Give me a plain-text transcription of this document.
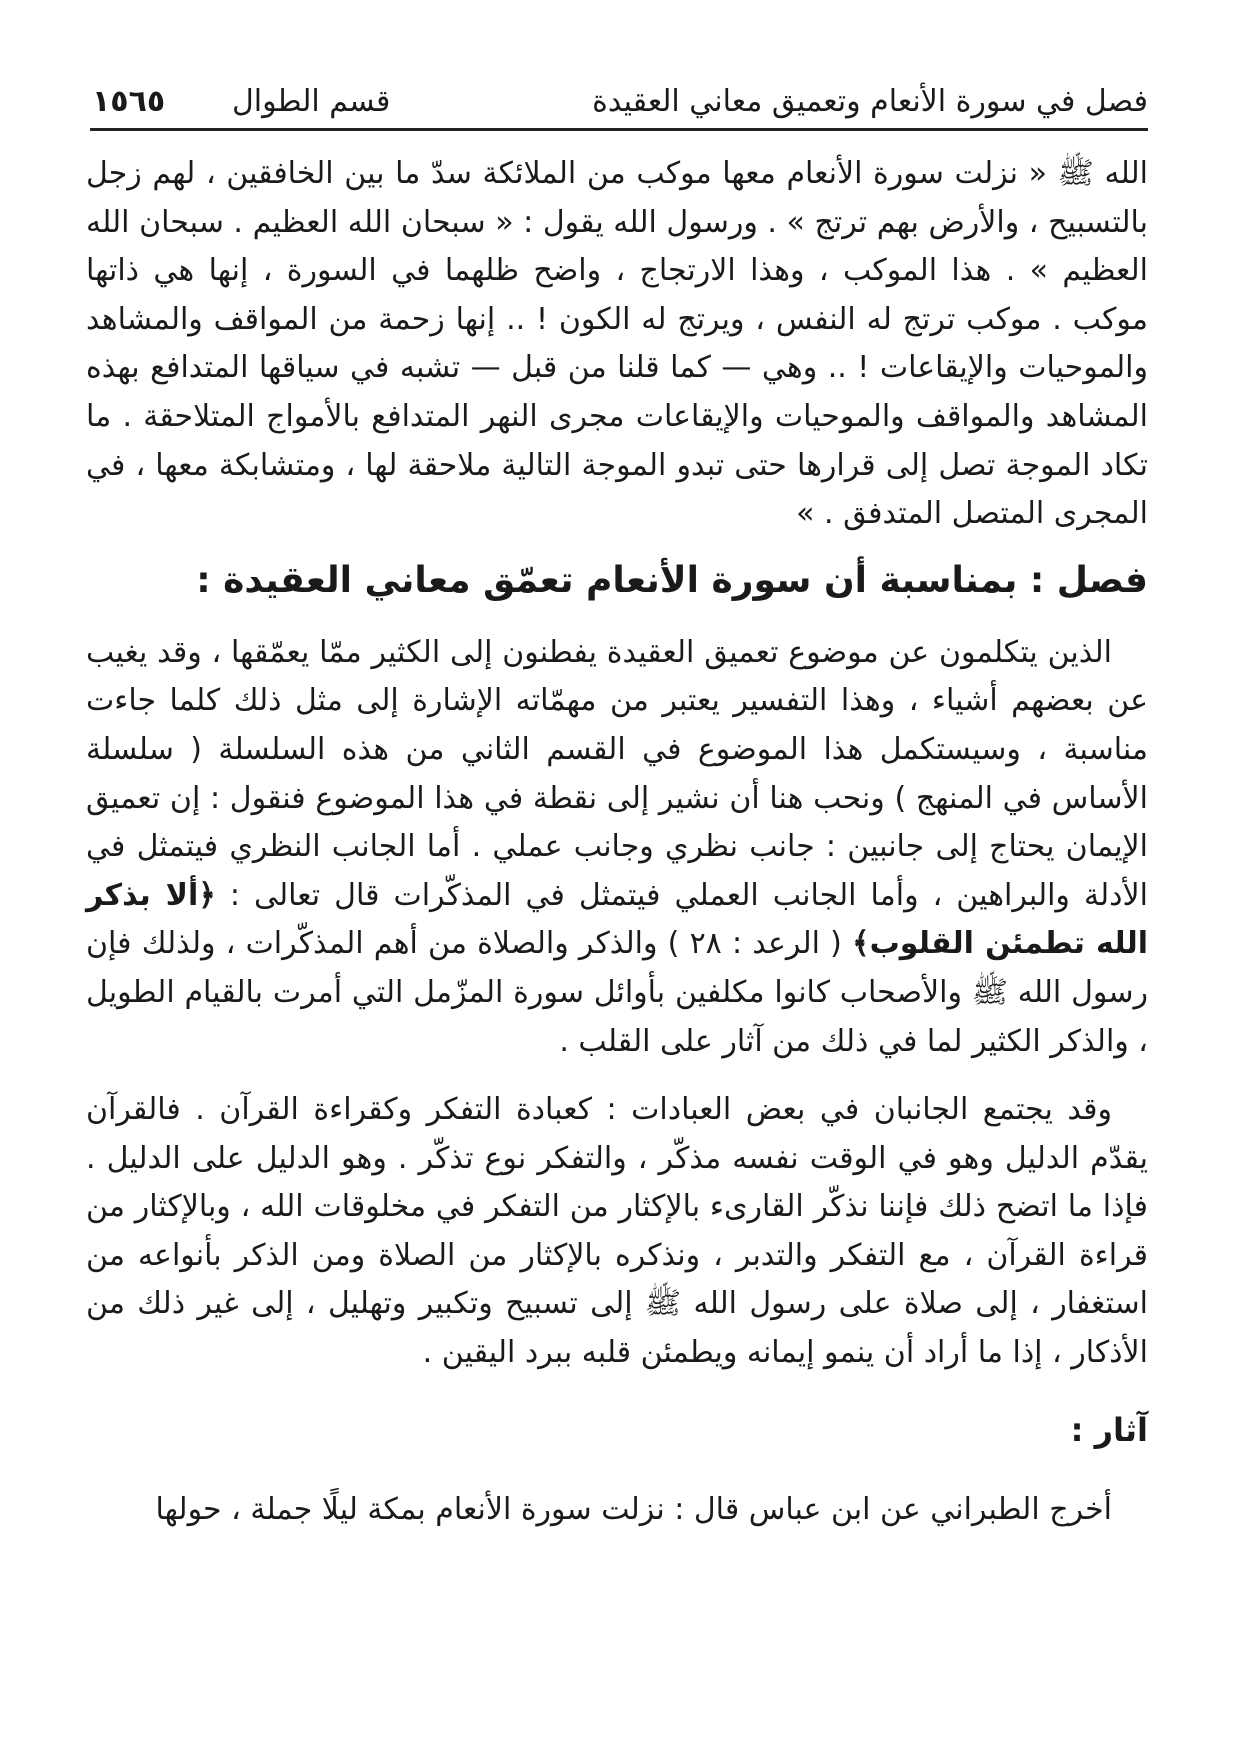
فصل في سورة الأنعام وتعميق معاني العقيدة
قسم الطوال
١٥٦٥

الله ﷺ « نزلت سورة الأنعام معها موكب من الملائكة سدّ ما بين الخافقين ، لهم زجل بالتسبيح ، والأرض بهم ترتج » . ورسول الله يقول : « سبحان الله العظيم . سبحان الله العظيم » . هذا الموكب ، وهذا الارتجاج ، واضح ظلهما في السورة ، إنها هي ذاتها موكب . موكب ترتج له النفس ، ويرتج له الكون ! .. إنها زحمة من المواقف والمشاهد والموحيات والإيقاعات ! .. وهي — كما قلنا من قبل — تشبه في سياقها المتدافع بهذه المشاهد والمواقف والموحيات والإيقاعات مجرى النهر المتدافع بالأمواج المتلاحقة . ما تكاد الموجة تصل إلى قرارها حتى تبدو الموجة التالية ملاحقة لها ، ومتشابكة معها ، في المجرى المتصل المتدفق . »

فصل : بمناسبة أن سورة الأنعام تعمّق معاني العقيدة :

الذين يتكلمون عن موضوع تعميق العقيدة يفطنون إلى الكثير ممّا يعمّقها ، وقد يغيب عن بعضهم أشياء ، وهذا التفسير يعتبر من مهمّاته الإشارة إلى مثل ذلك كلما جاءت مناسبة ، وسيستكمل هذا الموضوع في القسم الثاني من هذه السلسلة ( سلسلة الأساس في المنهج ) ونحب هنا أن نشير إلى نقطة في هذا الموضوع فنقول : إن تعميق الإيمان يحتاج إلى جانبين : جانب نظري وجانب عملي . أما الجانب النظري فيتمثل في الأدلة والبراهين ، وأما الجانب العملي فيتمثل في المذكّرات قال تعالى : ﴿ألا بذكر الله تطمئن القلوب﴾ ( الرعد : ٢٨ ) والذكر والصلاة من أهم المذكّرات ، ولذلك فإن رسول الله ﷺ والأصحاب كانوا مكلفين بأوائل سورة المزّمل التي أمرت بالقيام الطويل ، والذكر الكثير لما في ذلك من آثار على القلب .

وقد يجتمع الجانبان في بعض العبادات : كعبادة التفكر وكقراءة القرآن . فالقرآن يقدّم الدليل وهو في الوقت نفسه مذكّر ، والتفكر نوع تذكّر . وهو الدليل على الدليل . فإذا ما اتضح ذلك فإننا نذكّر القارىء بالإكثار من التفكر في مخلوقات الله ، وبالإكثار من قراءة القرآن ، مع التفكر والتدبر ، ونذكره بالإكثار من الصلاة ومن الذكر بأنواعه من استغفار ، إلى صلاة على رسول الله ﷺ إلى تسبيح وتكبير وتهليل ، إلى غير ذلك من الأذكار ، إذا ما أراد أن ينمو إيمانه ويطمئن قلبه ببرد اليقين .

آثار :

أخرج الطبراني عن ابن عباس قال : نزلت سورة الأنعام بمكة ليلًا جملة ، حولها
